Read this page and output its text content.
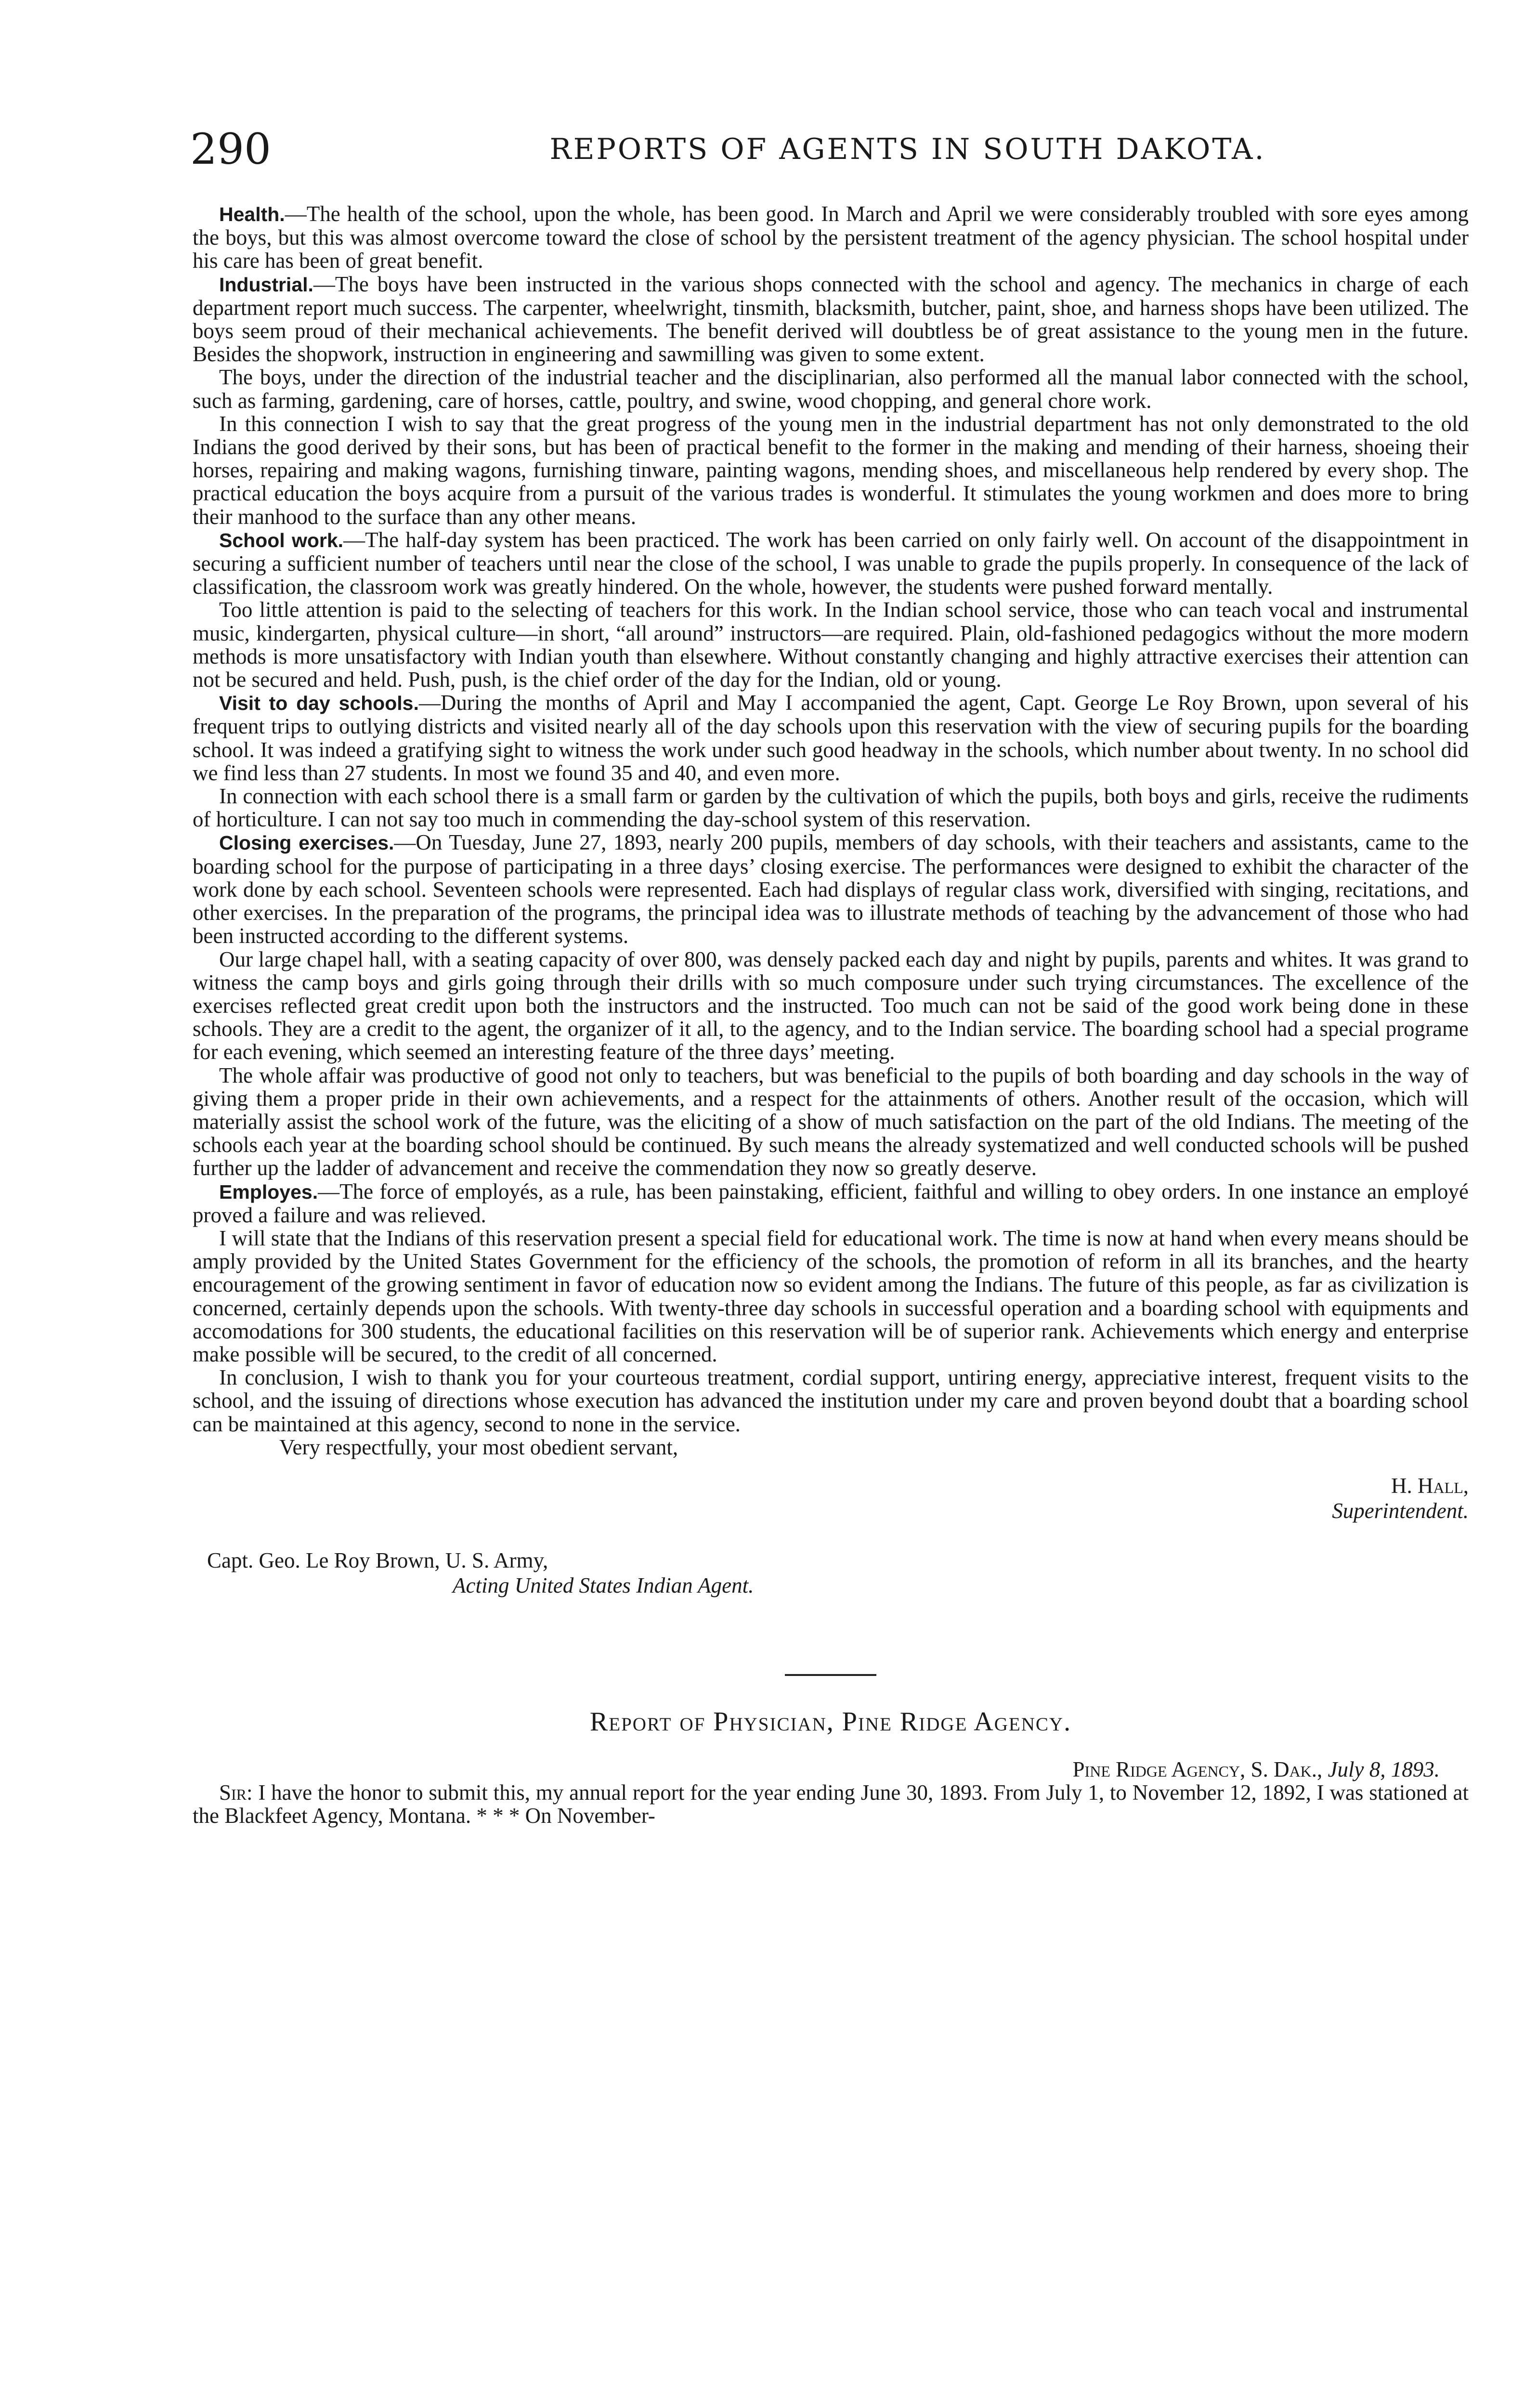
290	REPORTS OF AGENTS IN SOUTH DAKOTA.

Health.—The health of the school, upon the whole, has been good. In March and April we were considerably troubled with sore eyes among the boys, but this was almost overcome toward the close of school by the persistent treatment of the agency physician. The school hospital under his care has been of great benefit.

Industrial.—The boys have been instructed in the various shops connected with the school and agency. The mechanics in charge of each department report much success. The carpenter, wheelwright, tinsmith, blacksmith, butcher, paint, shoe, and harness shops have been utilized. The boys seem proud of their mechanical achievements. The benefit derived will doubtless be of great assistance to the young men in the future. Besides the shopwork, instruction in engineering and sawmilling was given to some extent.

The boys, under the direction of the industrial teacher and the disciplinarian, also performed all the manual labor connected with the school, such as farming, gardening, care of horses, cattle, poultry, and swine, wood chopping, and general chore work.

In this connection I wish to say that the great progress of the young men in the industrial department has not only demonstrated to the old Indians the good derived by their sons, but has been of practical benefit to the former in the making and mending of their harness, shoeing their horses, repairing and making wagons, furnishing tinware, painting wagons, mending shoes, and miscellaneous help rendered by every shop. The practical education the boys acquire from a pursuit of the various trades is wonderful. It stimulates the young workmen and does more to bring their manhood to the surface than any other means.

School work.—The half-day system has been practiced. The work has been carried on only fairly well. On account of the disappointment in securing a sufficient number of teachers until near the close of the school, I was unable to grade the pupils properly. In consequence of the lack of classification, the classroom work was greatly hindered. On the whole, however, the students were pushed forward mentally.

Too little attention is paid to the selecting of teachers for this work. In the Indian school service, those who can teach vocal and instrumental music, kindergarten, physical culture—in short, “all around” instructors—are required. Plain, old-fashioned pedagogics without the more modern methods is more unsatisfactory with Indian youth than elsewhere. Without constantly changing and highly attractive exercises their attention can not be secured and held. Push, push, is the chief order of the day for the Indian, old or young.

Visit to day schools.—During the months of April and May I accompanied the agent, Capt. George Le Roy Brown, upon several of his frequent trips to outlying districts and visited nearly all of the day schools upon this reservation with the view of securing pupils for the boarding school. It was indeed a gratifying sight to witness the work under such good headway in the schools, which number about twenty. In no school did we find less than 27 students. In most we found 35 and 40, and even more.

In connection with each school there is a small farm or garden by the cultivation of which the pupils, both boys and girls, receive the rudiments of horticulture. I can not say too much in commending the day-school system of this reservation.

Closing exercises.—On Tuesday, June 27, 1893, nearly 200 pupils, members of day schools, with their teachers and assistants, came to the boarding school for the purpose of participating in a three days’ closing exercise. The performances were designed to exhibit the character of the work done by each school. Seventeen schools were represented. Each had displays of regular class work, diversified with singing, recitations, and other exercises. In the preparation of the programs, the principal idea was to illustrate methods of teaching by the advancement of those who had been instructed according to the different systems.

Our large chapel hall, with a seating capacity of over 800, was densely packed each day and night by pupils, parents and whites. It was grand to witness the camp boys and girls going through their drills with so much composure under such trying circumstances. The excellence of the exercises reflected great credit upon both the instructors and the instructed. Too much can not be said of the good work being done in these schools. They are a credit to the agent, the organizer of it all, to the agency, and to the Indian service. The boarding school had a special programe for each evening, which seemed an interesting feature of the three days’ meeting.

The whole affair was productive of good not only to teachers, but was beneficial to the pupils of both boarding and day schools in the way of giving them a proper pride in their own achievements, and a respect for the attainments of others. Another result of the occasion, which will materially assist the school work of the future, was the eliciting of a show of much satisfaction on the part of the old Indians. The meeting of the schools each year at the boarding school should be continued. By such means the already systematized and well conducted schools will be pushed further up the ladder of advancement and receive the commendation they now so greatly deserve.

Employes.—The force of employés, as a rule, has been painstaking, efficient, faithful and willing to obey orders. In one instance an employé proved a failure and was relieved.

I will state that the Indians of this reservation present a special field for educational work. The time is now at hand when every means should be amply provided by the United States Government for the efficiency of the schools, the promotion of reform in all its branches, and the hearty encouragement of the growing sentiment in favor of education now so evident among the Indians. The future of this people, as far as civilization is concerned, certainly depends upon the schools. With twenty-three day schools in successful operation and a boarding school with equipments and accomodations for 300 students, the educational facilities on this reservation will be of superior rank. Achievements which energy and enterprise make possible will be secured, to the credit of all concerned.

In conclusion, I wish to thank you for your courteous treatment, cordial support, untiring energy, appreciative interest, frequent visits to the school, and the issuing of directions whose execution has advanced the institution under my care and proven beyond doubt that a boarding school can be maintained at this agency, second to none in the service.

Very respectfully, your most obedient servant,
H. Hall,
Superintendent.
Capt. Geo. Le Roy Brown, U. S. Army,
Acting United States Indian Agent.
Report of Physician, Pine Ridge Agency.
Pine Ridge Agency, S. Dak., July 8, 1893.

Sir: I have the honor to submit this, my annual report for the year ending June 30, 1893. From July 1, to November 12, 1892, I was stationed at the Blackfeet Agency, Montana. * * * On November-
